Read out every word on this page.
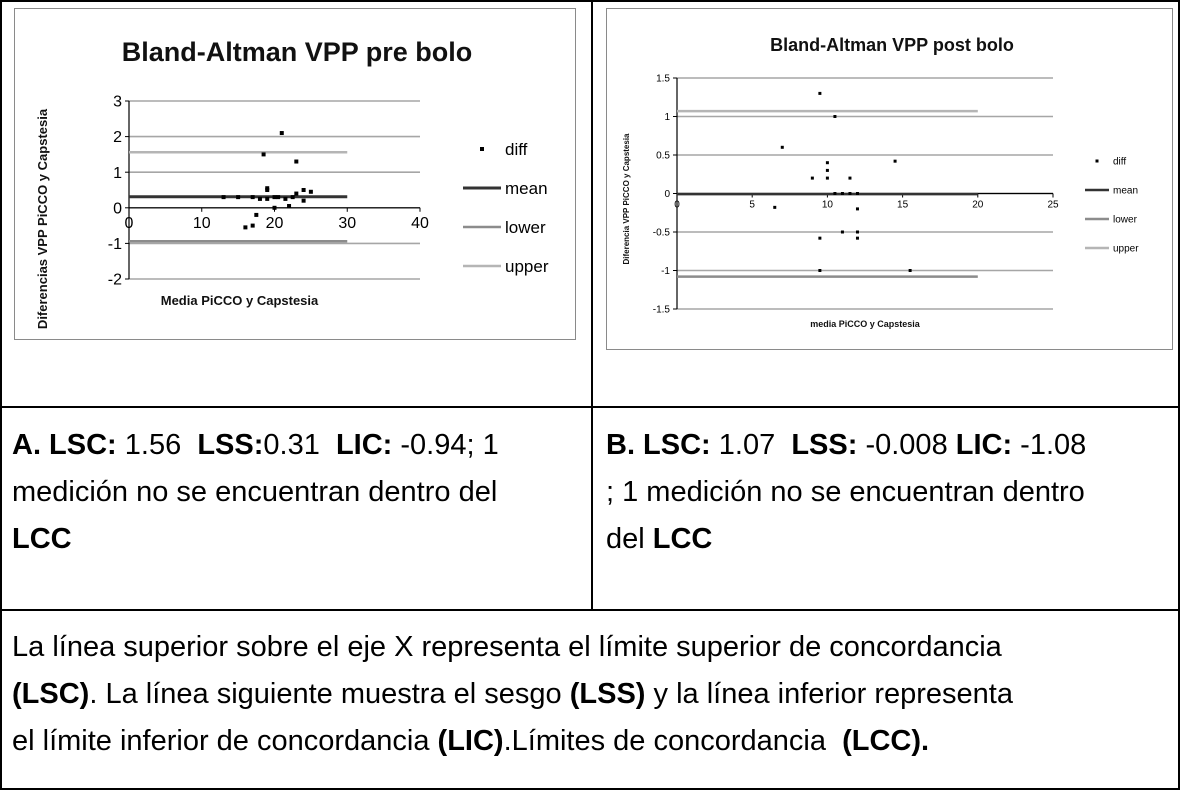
Bland-Altman VPP pre bolo
3
2
1
0
-1
-2
0	10	20	30	40
Media PiCCO y Capstesia
Diferencias VPP PiCCO y Capstesia	diff
mean
lower
upper
Bland-Altman VPP post bolo
1.5
1
0.5
0
-0.5
-1
-1.5
0	5	10	15	20	25
media PiCCO y Capstesia
Diferencia VPP PiCCO y Capstesia	diff
mean
lower
upper
A. LSC: 1.56  LSS:0.31  LIC: -0.94; 1
medición no se encuentran dentro del
LCC
B. LSC: 1.07  LSS: -0.008 LIC: -1.08
; 1 medición no se encuentran dentro
del LCC
La línea superior sobre el eje X representa el límite superior de concordancia
(LSC). La línea siguiente muestra el sesgo (LSS) y la línea inferior representa
el límite inferior de concordancia (LIC).Límites de concordancia  (LCC).
